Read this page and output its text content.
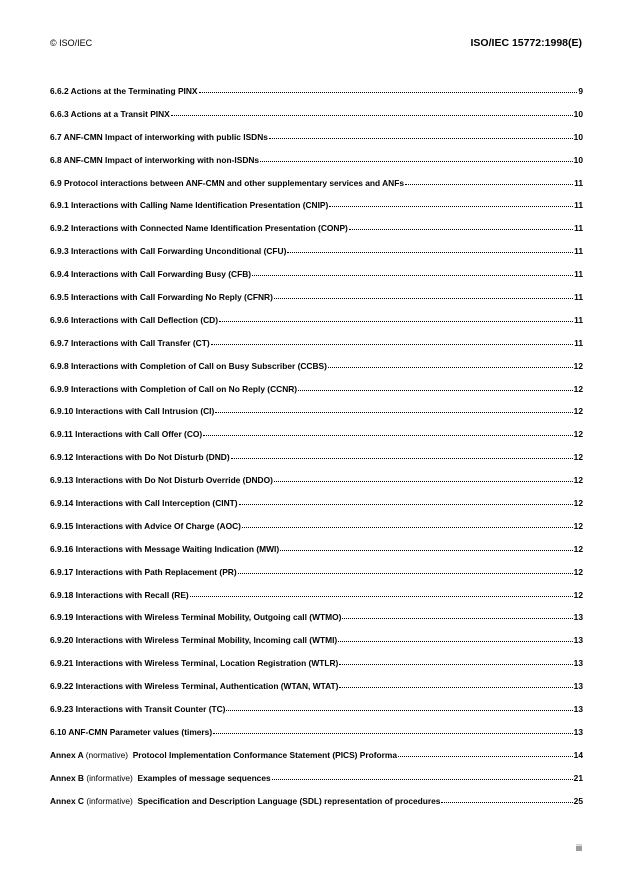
© ISO/IEC	ISO/IEC 15772:1998(E)
6.6.2 Actions at the Terminating PINX	9
6.6.3 Actions at a Transit PINX	10
6.7 ANF-CMN Impact of interworking with public ISDNs	10
6.8 ANF-CMN Impact of interworking with non-ISDNs	10
6.9 Protocol interactions between ANF-CMN and other supplementary services and ANFs	11
6.9.1 Interactions with Calling Name Identification Presentation (CNIP)	11
6.9.2 Interactions with Connected Name Identification Presentation (CONP)	11
6.9.3 Interactions with Call Forwarding Unconditional (CFU)	11
6.9.4 Interactions with Call Forwarding Busy (CFB)	11
6.9.5 Interactions with Call Forwarding No Reply (CFNR)	11
6.9.6 Interactions with Call Deflection (CD)	11
6.9.7 Interactions with Call Transfer (CT)	11
6.9.8 Interactions with Completion of Call on Busy Subscriber (CCBS)	12
6.9.9 Interactions with Completion of Call on No Reply (CCNR)	12
6.9.10 Interactions with Call Intrusion (CI)	12
6.9.11 Interactions with Call Offer (CO)	12
6.9.12 Interactions with Do Not Disturb (DND)	12
6.9.13 Interactions with Do Not Disturb Override (DNDO)	12
6.9.14 Interactions with Call Interception (CINT)	12
6.9.15 Interactions with Advice Of Charge (AOC)	12
6.9.16 Interactions with Message Waiting Indication (MWI)	12
6.9.17 Interactions with Path Replacement (PR)	12
6.9.18 Interactions with Recall (RE)	12
6.9.19 Interactions with Wireless Terminal Mobility, Outgoing call (WTMO)	13
6.9.20 Interactions with Wireless Terminal Mobility, Incoming call (WTMI)	13
6.9.21 Interactions with Wireless Terminal, Location Registration (WTLR)	13
6.9.22 Interactions with Wireless Terminal, Authentication (WTAN, WTAT)	13
6.9.23 Interactions with Transit Counter (TC)	13
6.10 ANF-CMN Parameter values (timers)	13
Annex A (normative) Protocol Implementation Conformance Statement (PICS) Proforma	14
Annex B (informative) Examples of message sequences	21
Annex C (informative) Specification and Description Language (SDL) representation of procedures	25
iii
